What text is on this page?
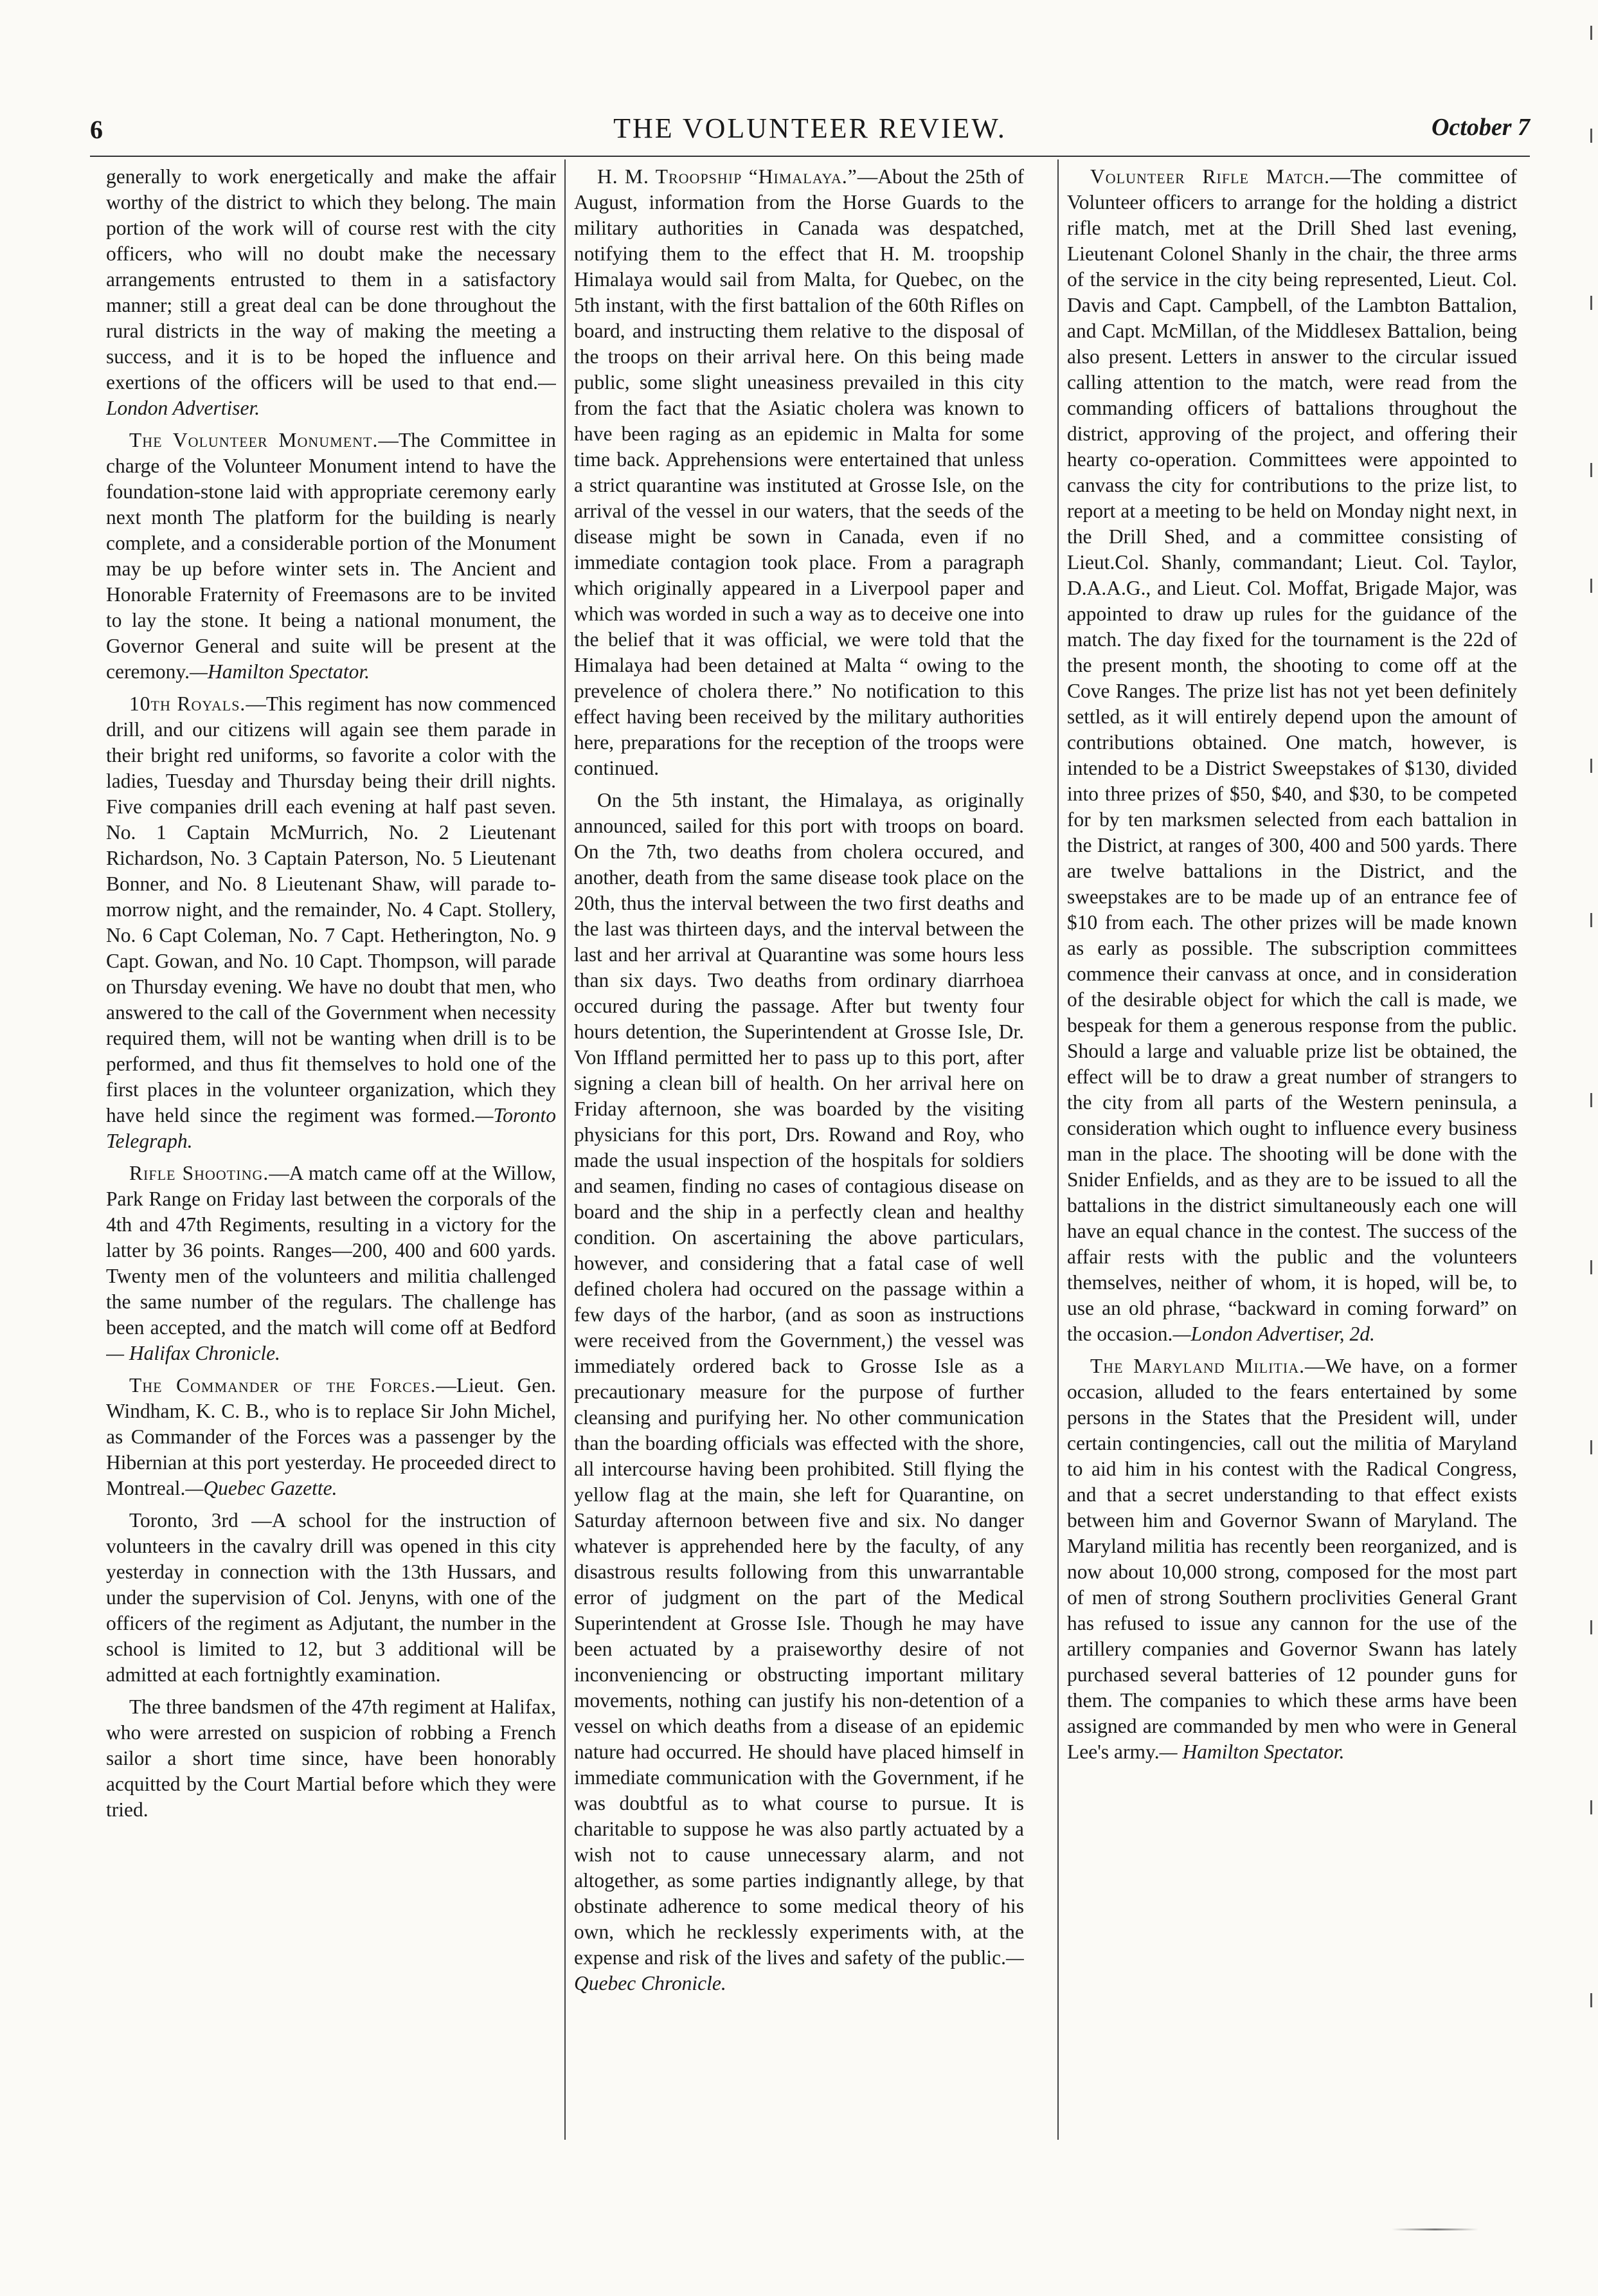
6	THE VOLUNTEER REVIEW.	October 7

generally to work energetically and make the affair worthy of the district to which they belong. The main portion of the work will of course rest with the city officers, who will no doubt make the necessary arrangements entrusted to them in a satisfactory manner; still a great deal can be done throughout the rural districts in the way of making the meeting a success, and it is to be hoped the influence and exertions of the officers will be used to that end.—London Advertiser.

The Volunteer Monument.—The Committee in charge of the Volunteer Monument intend to have the foundation-stone laid with appropriate ceremony early next month The platform for the building is nearly complete, and a considerable portion of the Monument may be up before winter sets in. The Ancient and Honorable Fraternity of Freemasons are to be invited to lay the stone. It being a national monument, the Governor General and suite will be present at the ceremony.—Hamilton Spectator.

10th Royals.—This regiment has now commenced drill, and our citizens will again see them parade in their bright red uniforms, so favorite a color with the ladies, Tuesday and Thursday being their drill nights. Five companies drill each evening at half past seven. No. 1 Captain McMurrich, No. 2 Lieutenant Richardson, No. 3 Captain Paterson, No. 5 Lieutenant Bonner, and No. 8 Lieutenant Shaw, will parade to-morrow night, and the remainder, No. 4 Capt. Stollery, No. 6 Capt Coleman, No. 7 Capt. Hetherington, No. 9 Capt. Gowan, and No. 10 Capt. Thompson, will parade on Thursday evening. We have no doubt that men, who answered to the call of the Government when necessity required them, will not be wanting when drill is to be performed, and thus fit themselves to hold one of the first places in the volunteer organization, which they have held since the regiment was formed.—Toronto Telegraph.

Rifle Shooting.—A match came off at the Willow, Park Range on Friday last between the corporals of the 4th and 47th Regiments, resulting in a victory for the latter by 36 points. Ranges—200, 400 and 600 yards. Twenty men of the volunteers and militia challenged the same number of the regulars. The challenge has been accepted, and the match will come off at Bedford— Halifax Chronicle.

The Commander of the Forces.—Lieut. Gen. Windham, K. C. B., who is to replace Sir John Michel, as Commander of the Forces was a passenger by the Hibernian at this port yesterday. He proceeded direct to Montreal.—Quebec Gazette.

Toronto, 3rd —A school for the instruction of volunteers in the cavalry drill was opened in this city yesterday in connection with the 13th Hussars, and under the supervision of Col. Jenyns, with one of the officers of the regiment as Adjutant, the number in the school is limited to 12, but 3 additional will be admitted at each fortnightly examination.

The three bandsmen of the 47th regiment at Halifax, who were arrested on suspicion of robbing a French sailor a short time since, have been honorably acquitted by the Court Martial before which they were tried.

H. M. Troopship “Himalaya.”—About the 25th of August, information from the Horse Guards to the military authorities in Canada was despatched, notifying them to the effect that H. M. troopship Himalaya would sail from Malta, for Quebec, on the 5th instant, with the first battalion of the 60th Rifles on board, and instructing them relative to the disposal of the troops on their arrival here. On this being made public, some slight uneasiness prevailed in this city from the fact that the Asiatic cholera was known to have been raging as an epidemic in Malta for some time back. Apprehensions were entertained that unless a strict quarantine was instituted at Grosse Isle, on the arrival of the vessel in our waters, that the seeds of the disease might be sown in Canada, even if no immediate contagion took place. From a paragraph which originally appeared in a Liverpool paper and which was worded in such a way as to deceive one into the belief that it was official, we were told that the Himalaya had been detained at Malta “ owing to the prevelence of cholera there.” No notification to this effect having been received by the military authorities here, preparations for the reception of the troops were continued.

On the 5th instant, the Himalaya, as originally announced, sailed for this port with troops on board. On the 7th, two deaths from cholera occured, and another, death from the same disease took place on the 20th, thus the interval between the two first deaths and the last was thirteen days, and the interval between the last and her arrival at Quarantine was some hours less than six days. Two deaths from ordinary diarrhoea occured during the passage. After but twenty four hours detention, the Superintendent at Grosse Isle, Dr. Von Iffland permitted her to pass up to this port, after signing a clean bill of health. On her arrival here on Friday afternoon, she was boarded by the visiting physicians for this port, Drs. Rowand and Roy, who made the usual inspection of the hospitals for soldiers and seamen, finding no cases of contagious disease on board and the ship in a perfectly clean and healthy condition. On ascertaining the above particulars, however, and considering that a fatal case of well defined cholera had occured on the passage within a few days of the harbor, (and as soon as instructions were received from the Government,) the vessel was immediately ordered back to Grosse Isle as a precautionary measure for the purpose of further cleansing and purifying her. No other communication than the boarding officials was effected with the shore, all intercourse having been prohibited. Still flying the yellow flag at the main, she left for Quarantine, on Saturday afternoon between five and six. No danger whatever is apprehended here by the faculty, of any disastrous results following from this unwarrantable error of judgment on the part of the Medical Superintendent at Grosse Isle. Though he may have been actuated by a praiseworthy desire of not inconveniencing or obstructing important military movements, nothing can justify his non-detention of a vessel on which deaths from a disease of an epidemic nature had occurred. He should have placed himself in immediate communication with the Government, if he was doubtful as to what course to pursue. It is charitable to suppose he was also partly actuated by a wish not to cause unnecessary alarm, and not altogether, as some parties indignantly allege, by that obstinate adherence to some medical theory of his own, which he recklessly experiments with, at the expense and risk of the lives and safety of the public.—Quebec Chronicle.

Volunteer Rifle Match.—The committee of Volunteer officers to arrange for the holding a district rifle match, met at the Drill Shed last evening, Lieutenant Colonel Shanly in the chair, the three arms of the service in the city being represented, Lieut. Col. Davis and Capt. Campbell, of the Lambton Battalion, and Capt. McMillan, of the Middlesex Battalion, being also present. Letters in answer to the circular issued calling attention to the match, were read from the commanding officers of battalions throughout the district, approving of the project, and offering their hearty co-operation. Committees were appointed to canvass the city for contributions to the prize list, to report at a meeting to be held on Monday night next, in the Drill Shed, and a committee consisting of Lieut.Col. Shanly, commandant; Lieut. Col. Taylor, D.A.A.G., and Lieut. Col. Moffat, Brigade Major, was appointed to draw up rules for the guidance of the match. The day fixed for the tournament is the 22d of the present month, the shooting to come off at the Cove Ranges. The prize list has not yet been definitely settled, as it will entirely depend upon the amount of contributions obtained. One match, however, is intended to be a District Sweepstakes of $130, divided into three prizes of $50, $40, and $30, to be competed for by ten marksmen selected from each battalion in the District, at ranges of 300, 400 and 500 yards. There are twelve battalions in the District, and the sweepstakes are to be made up of an entrance fee of $10 from each. The other prizes will be made known as early as possible. The subscription committees commence their canvass at once, and in consideration of the desirable object for which the call is made, we bespeak for them a generous response from the public. Should a large and valuable prize list be obtained, the effect will be to draw a great number of strangers to the city from all parts of the Western peninsula, a consideration which ought to influence every business man in the place. The shooting will be done with the Snider Enfields, and as they are to be issued to all the battalions in the district simultaneously each one will have an equal chance in the contest. The success of the affair rests with the public and the volunteers themselves, neither of whom, it is hoped, will be, to use an old phrase, “backward in coming forward” on the occasion.—London Advertiser, 2d.

The Maryland Militia.—We have, on a former occasion, alluded to the fears entertained by some persons in the States that the President will, under certain contingencies, call out the militia of Maryland to aid him in his contest with the Radical Congress, and that a secret understanding to that effect exists between him and Governor Swann of Maryland. The Maryland militia has recently been reorganized, and is now about 10,000 strong, composed for the most part of men of strong Southern proclivities General Grant has refused to issue any cannon for the use of the artillery companies and Governor Swann has lately purchased several batteries of 12 pounder guns for them. The companies to which these arms have been assigned are commanded by men who were in General Lee's army.— Hamilton Spectator.
